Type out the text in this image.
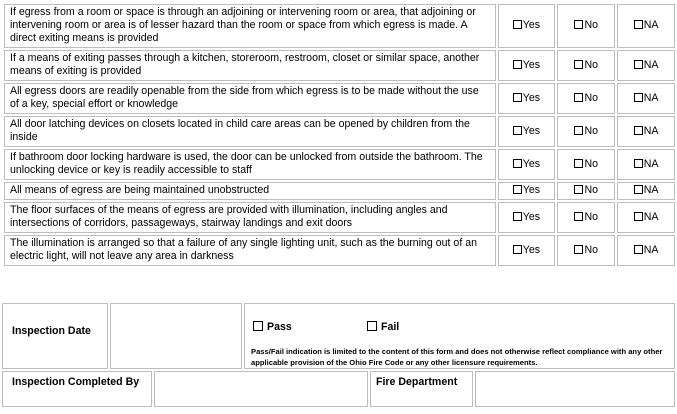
If egress from a room or space is through an adjoining or intervening room or area, that adjoining or intervening room or area is of lesser hazard than the room or space from which egress is made. A direct exiting means is provided	Yes	No	NA
If a means of exiting passes through a kitchen, storeroom, restroom, closet or similar space, another means of exiting is provided	Yes	No	NA
All egress doors are readily openable from the side from which egress is to be made without the use of a key, special effort or knowledge	Yes	No	NA
All door latching devices on closets located in child care areas can be opened by children from the inside	Yes	No	NA
If bathroom door locking hardware is used, the door can be unlocked from outside the bathroom. The unlocking device or key is readily accessible to staff	Yes	No	NA
All means of egress are being maintained unobstructed	Yes	No	NA
The floor surfaces of the means of egress are provided with illumination, including angles and intersections of corridors, passageways, stairway landings and exit doors	Yes	No	NA
The illumination is arranged so that a failure of any single lighting unit, such as the burning out of an electric light, will not leave any area in darkness	Yes	No	NA
Inspection Date	Pass	Fail
Pass/Fail indication is limited to the content of this form and does not otherwise reflect compliance with any other applicable provision of the Ohio Fire Code or any other licensure requirements.
Inspection Completed By	Fire Department
